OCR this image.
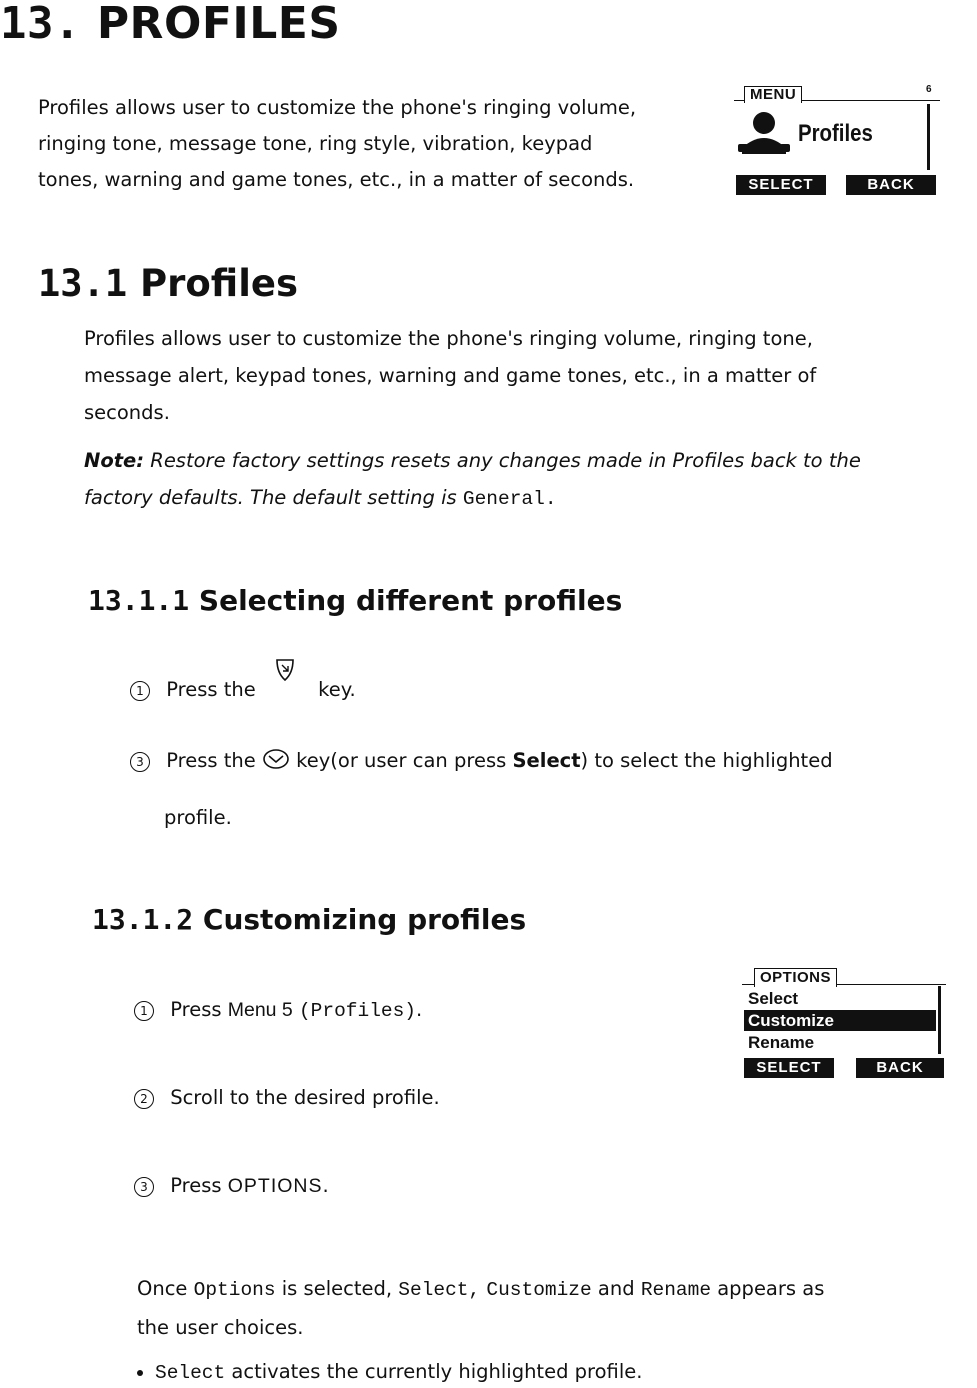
13. PROFILES
Profiles allows user to customize the phone's ringing volume,
ringing tone, message tone, ring style, vibration, keypad
tones, warning and game tones, etc., in a matter of seconds.
MENU	6
Profiles
SELECT	BACK
13.1 Profiles
Profiles allows user to customize the phone's ringing volume, ringing tone,
message alert, keypad tones, warning and game tones, etc., in a matter of
seconds.
Note: Restore factory settings resets any changes made in Profiles back to the
factory defaults. The default setting is General.
13.1.1 Selecting different profiles
1 Press the	key.
3 Press the key(or user can press Select) to select the highlighted
profile.
13.1.2 Customizing profiles
1 Press Menu 5 (Profiles).
2 Scroll to the desired profile.
3 Press OPTIONS.
OPTIONS
Select
Customize
Rename
SELECT	BACK
Once Options is selected, Select, Customize and Rename appears as
the user choices.
Select activates the currently highlighted profile.
